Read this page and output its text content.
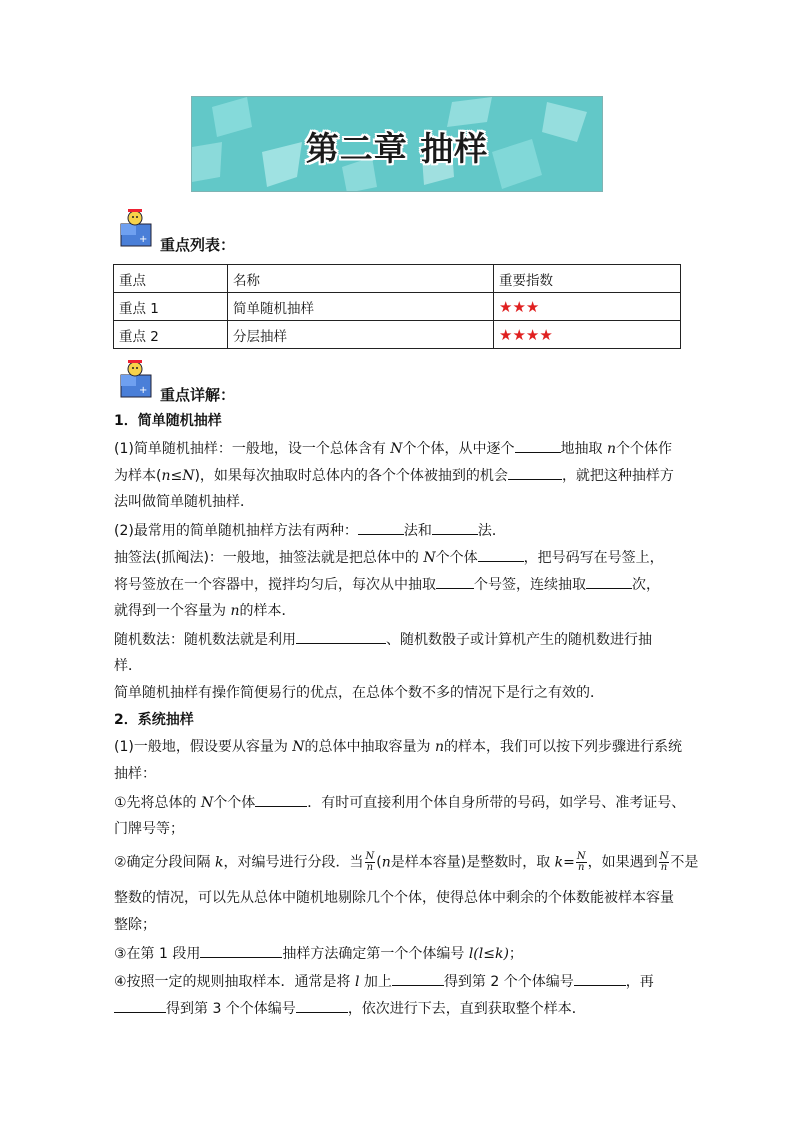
第二章 抽样
+ 重点列表：
重点	名称	重要指数
重点 1	简单随机抽样	★★★
重点 2	分层抽样	★★★★
+ 重点详解：
1．简单随机抽样
(1)简单随机抽样：一般地，设一个总体含有 N个个体，从中逐个	地抽取 n个个体作
为样本(n≤N)，如果每次抽取时总体内的各个个体被抽到的机会	，就把这种抽样方
法叫做简单随机抽样．
(2)最常用的简单随机抽样方法有两种：	法和	法．
抽签法(抓阄法)：一般地，抽签法就是把总体中的 N个个体	，把号码写在号签上，
将号签放在一个容器中，搅拌均匀后，每次从中抽取	个号签，连续抽取	次，
就得到一个容量为 n的样本．
随机数法：随机数法就是利用	、随机数骰子或计算机产生的随机数进行抽
样．
简单随机抽样有操作简便易行的优点，在总体个数不多的情况下是行之有效的．
2．系统抽样
(1)一般地，假设要从容量为 N的总体中抽取容量为 n的样本，我们可以按下列步骤进行系统
抽样：
①先将总体的 N个个体	．有时可直接利用个体自身所带的号码，如学号、准考证号、
门牌号等；
②确定分段间隔 k，对编号进行分段．当 $\frac{N}{n} (n$是样本容量)是整数时，取 $k= \frac{N}{n}$ ，如果遇到 $\frac{N}{n}$ 不是
整数的情况，可以先从总体中随机地剔除几个个体，使得总体中剩余的个体数能被样本容量
整除；
③在第 1 段用	抽样方法确定第一个个体编号 l(l≤k)；
④按照一定的规则抽取样本．通常是将 l 加上	得到第 2 个个体编号	，再
得到第 3 个个体编号	，依次进行下去，直到获取整个样本．
